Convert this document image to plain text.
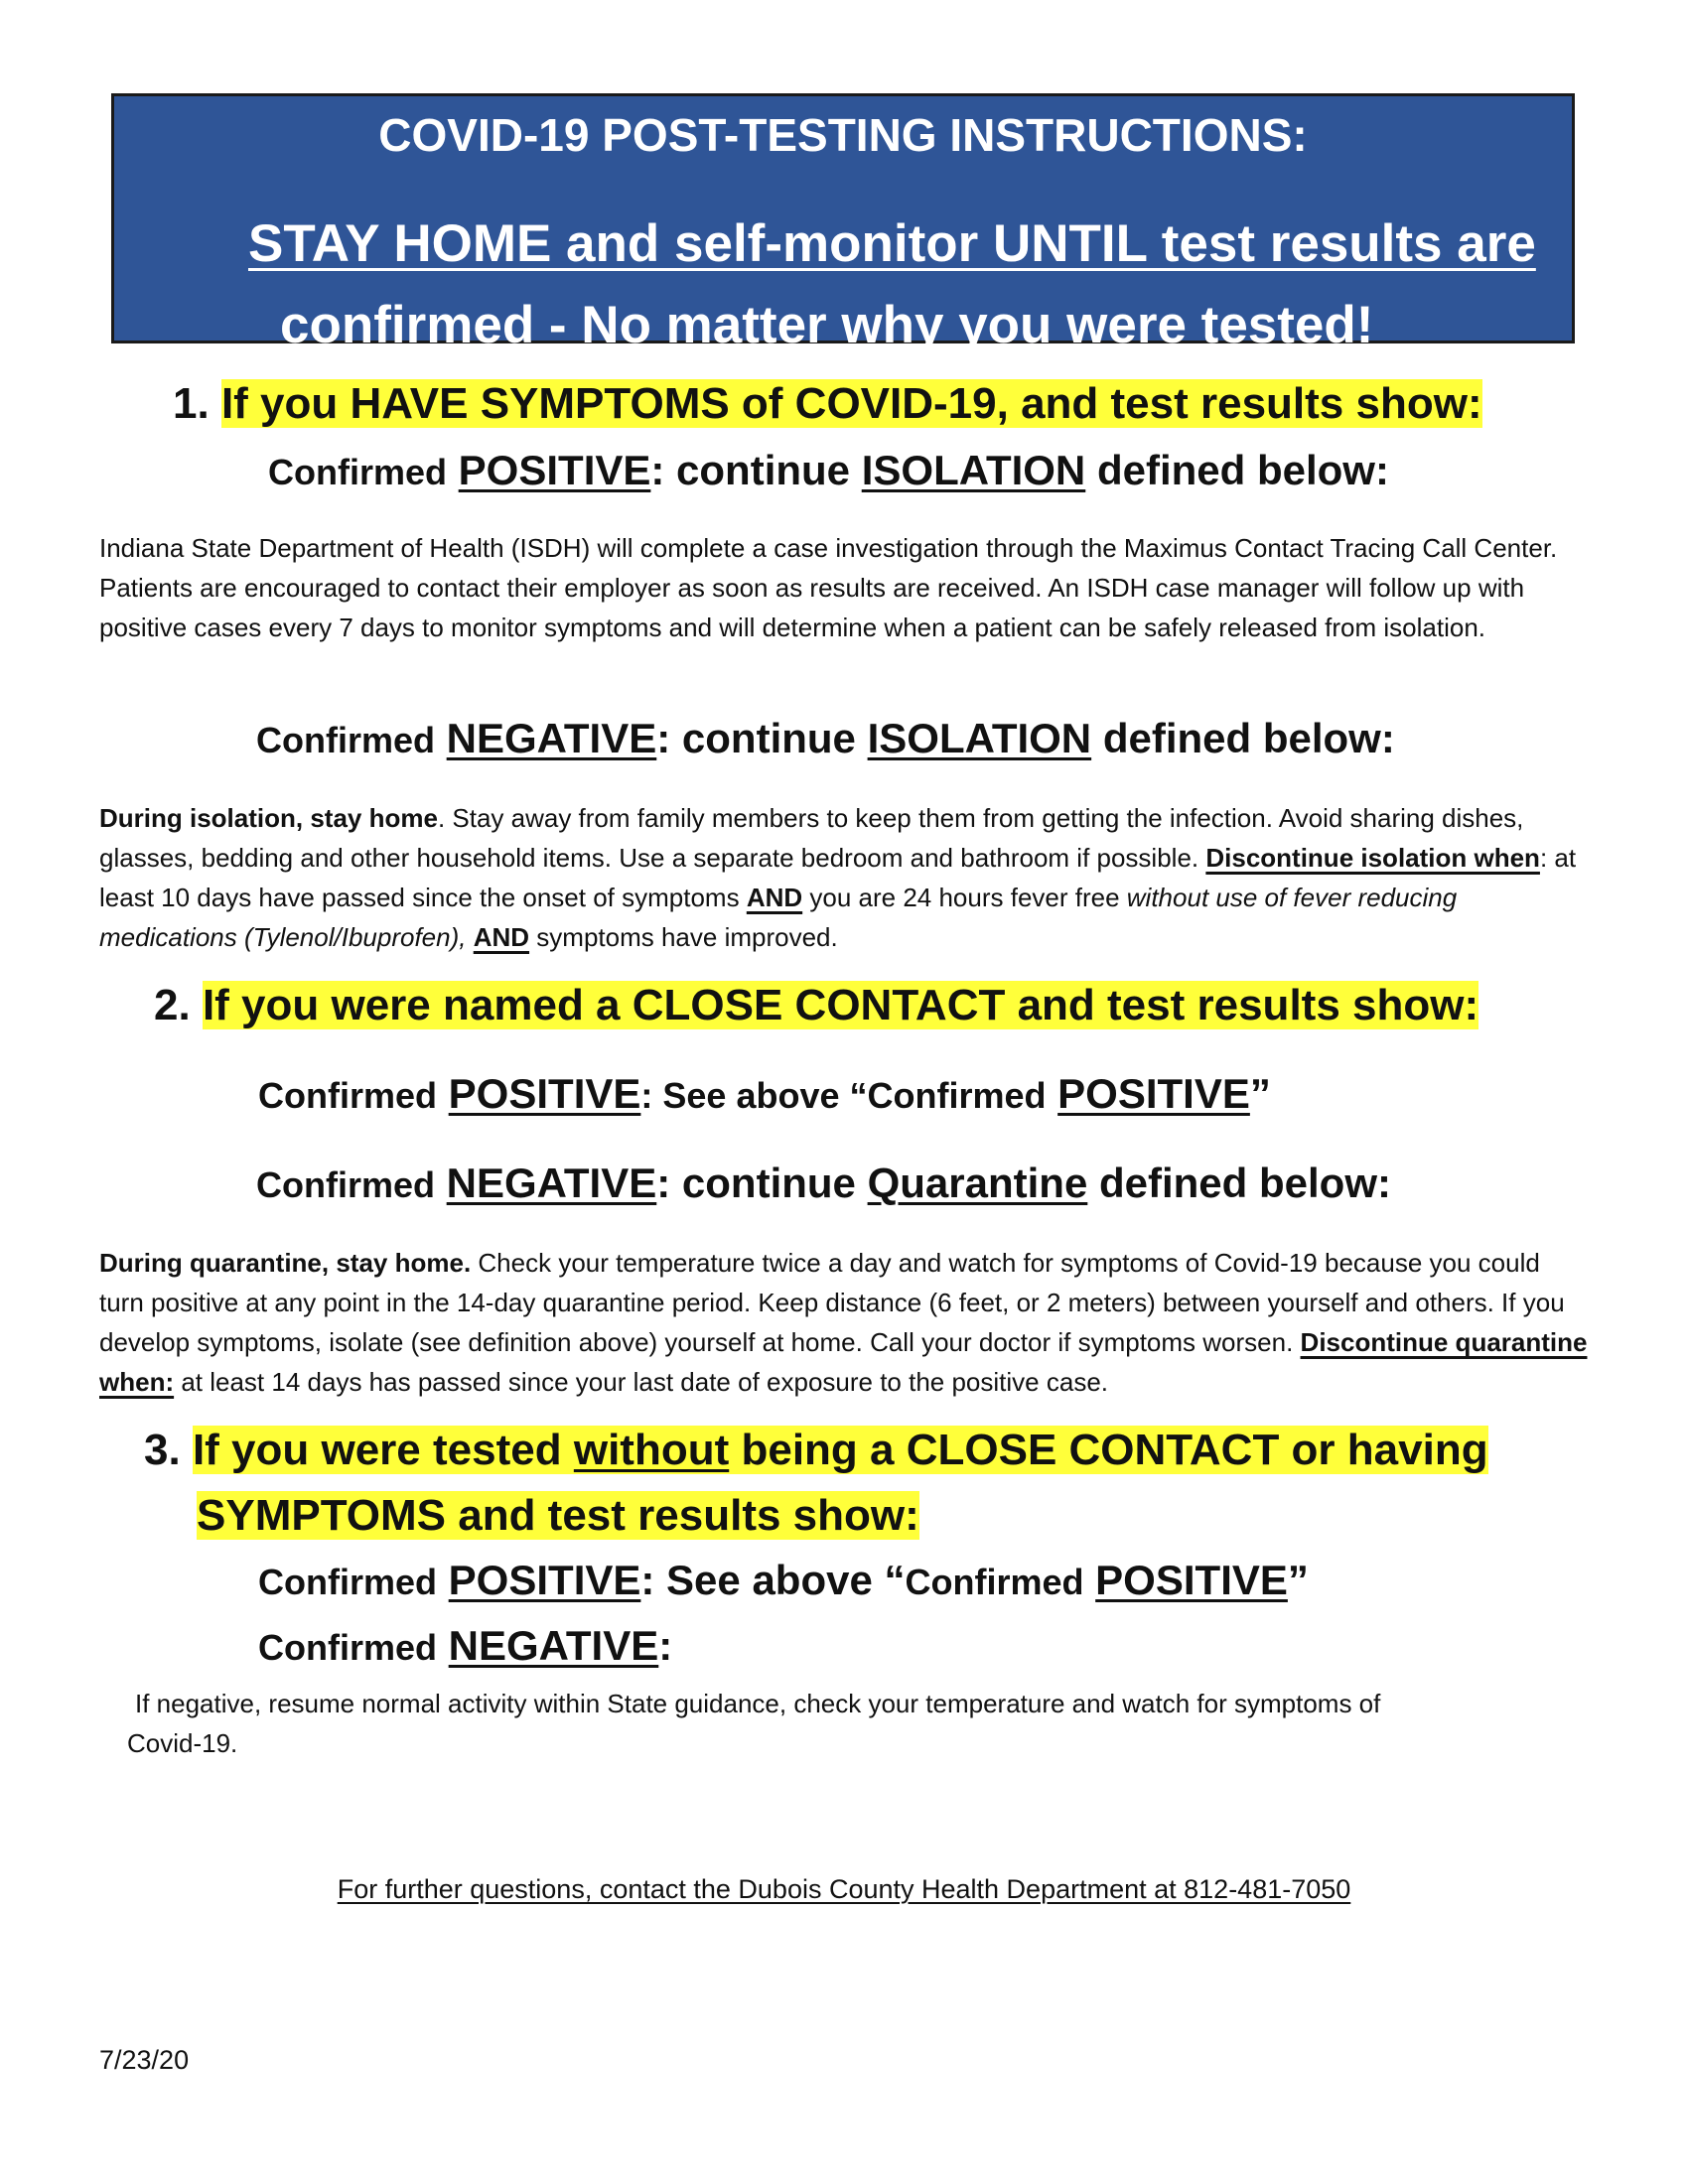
COVID-19 POST-TESTING INSTRUCTIONS:
STAY HOME and self-monitor UNTIL test results are
confirmed - No matter why you were tested!
1. If you HAVE SYMPTOMS of COVID-19, and test results show:
Confirmed POSITIVE: continue ISOLATION defined below:
Indiana State Department of Health (ISDH) will complete a case investigation through the Maximus Contact Tracing Call Center. Patients are encouraged to contact their employer as soon as results are received. An ISDH case manager will follow up with positive cases every 7 days to monitor symptoms and will determine when a patient can be safely released from isolation.
Confirmed NEGATIVE: continue ISOLATION defined below:
During isolation, stay home. Stay away from family members to keep them from getting the infection. Avoid sharing dishes, glasses, bedding and other household items. Use a separate bedroom and bathroom if possible. Discontinue isolation when: at least 10 days have passed since the onset of symptoms AND you are 24 hours fever free without use of fever reducing medications (Tylenol/Ibuprofen), AND symptoms have improved.
2. If you were named a CLOSE CONTACT and test results show:
Confirmed POSITIVE: See above “Confirmed POSITIVE”
Confirmed NEGATIVE: continue Quarantine defined below:
During quarantine, stay home. Check your temperature twice a day and watch for symptoms of Covid-19 because you could turn positive at any point in the 14-day quarantine period. Keep distance (6 feet, or 2 meters) between yourself and others. If you develop symptoms, isolate (see definition above) yourself at home. Call your doctor if symptoms worsen. Discontinue quarantine when: at least 14 days has passed since your last date of exposure to the positive case.
3. If you were tested without being a CLOSE CONTACT or having
SYMPTOMS and test results show:
Confirmed POSITIVE: See above “Confirmed POSITIVE”
Confirmed NEGATIVE:
If negative, resume normal activity within State guidance, check your temperature and watch for symptoms of Covid-19.
For further questions, contact the Dubois County Health Department at 812-481-7050
7/23/20
